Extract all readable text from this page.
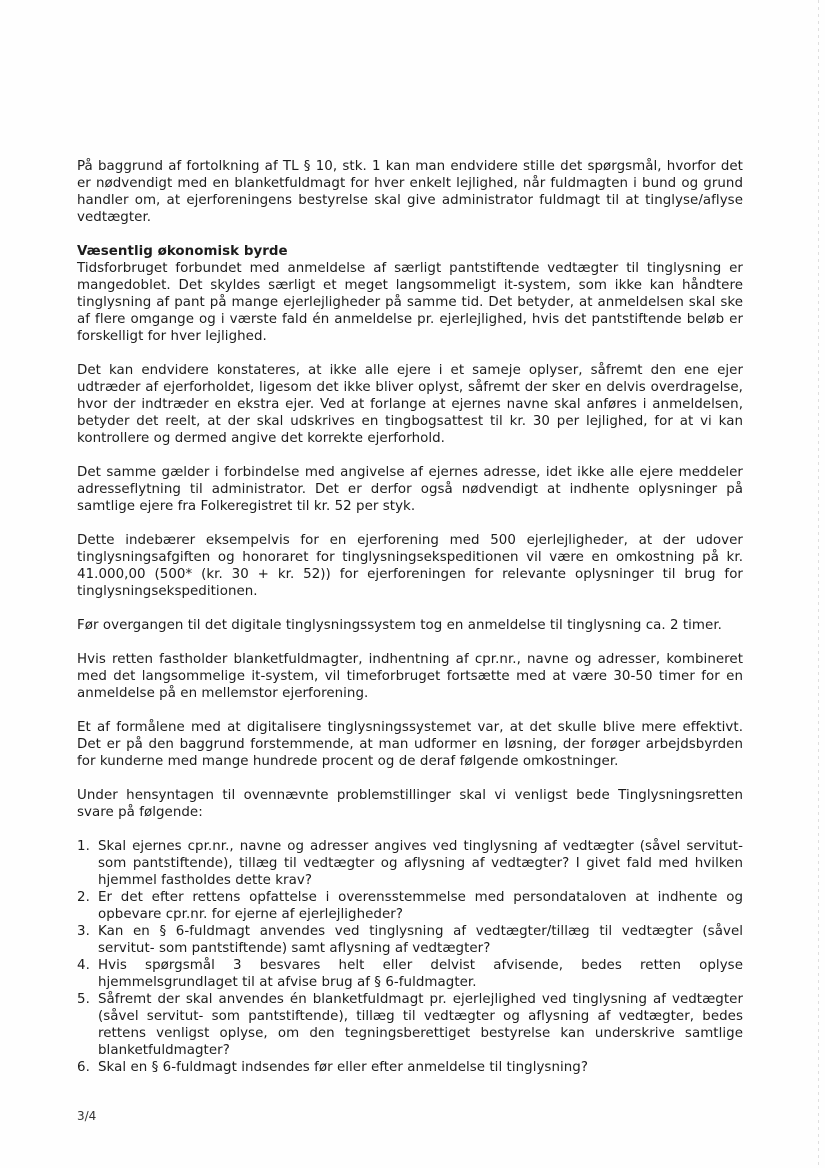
På baggrund af fortolkning af TL § 10, stk. 1 kan man endvidere stille det spørgsmål, hvorfor det er nødvendigt med en blanketfuldmagt for hver enkelt lejlighed, når fuldmagten i bund og grund handler om, at ejerforeningens bestyrelse skal give administrator fuldmagt til at tinglyse/aflyse vedtægter.

Væsentlig økonomisk byrde
Tidsforbruget forbundet med anmeldelse af særligt pantstiftende vedtægter til tinglysning er mangedoblet. Det skyldes særligt et meget langsommeligt it-system, som ikke kan håndtere tinglysning af pant på mange ejerlejligheder på samme tid. Det betyder, at anmeldelsen skal ske af flere omgange og i værste fald én anmeldelse pr. ejerlejlighed, hvis det pantstiftende beløb er forskelligt for hver lejlighed.

Det kan endvidere konstateres, at ikke alle ejere i et sameje oplyser, såfremt den ene ejer udtræder af ejerforholdet, ligesom det ikke bliver oplyst, såfremt der sker en delvis overdragelse, hvor der indtræder en ekstra ejer. Ved at forlange at ejernes navne skal anføres i anmeldelsen, betyder det reelt, at der skal udskrives en tingbogsattest til kr. 30 per lejlighed, for at vi kan kontrollere og dermed angive det korrekte ejerforhold.

Det samme gælder i forbindelse med angivelse af ejernes adresse, idet ikke alle ejere meddeler adresseflytning til administrator. Det er derfor også nødvendigt at indhente oplysninger på samtlige ejere fra Folkeregistret til kr. 52 per styk.

Dette indebærer eksempelvis for en ejerforening med 500 ejerlejligheder, at der udover tinglysningsafgiften og honoraret for tinglysningsekspeditionen vil være en omkostning på kr. 41.000,00 (500* (kr. 30 + kr. 52)) for ejerforeningen for relevante oplysninger til brug for tinglysningsekspeditionen.

Før overgangen til det digitale tinglysningssystem tog en anmeldelse til tinglysning ca. 2 timer.

Hvis retten fastholder blanketfuldmagter, indhentning af cpr.nr., navne og adresser, kombineret med det langsommelige it-system, vil timeforbruget fortsætte med at være 30-50 timer for en anmeldelse på en mellemstor ejerforening.

Et af formålene med at digitalisere tinglysningssystemet var, at det skulle blive mere effektivt. Det er på den baggrund forstemmende, at man udformer en løsning, der forøger arbejdsbyrden for kunderne med mange hundrede procent og de deraf følgende omkostninger.

Under hensyntagen til ovennævnte problemstillinger skal vi venligst bede Tinglysningsretten svare på følgende:

1. Skal ejernes cpr.nr., navne og adresser angives ved tinglysning af vedtægter (såvel servitut- som pantstiftende), tillæg til vedtægter og aflysning af vedtægter? I givet fald med hvilken hjemmel fastholdes dette krav?
2. Er det efter rettens opfattelse i overensstemmelse med persondataloven at indhente og opbevare cpr.nr. for ejerne af ejerlejligheder?
3. Kan en § 6-fuldmagt anvendes ved tinglysning af vedtægter/tillæg til vedtægter (såvel servitut- som pantstiftende) samt aflysning af vedtægter?
4. Hvis spørgsmål 3 besvares helt eller delvist afvisende, bedes retten oplyse hjemmelsgrundlaget til at afvise brug af § 6-fuldmagter.
5. Såfremt der skal anvendes én blanketfuldmagt pr. ejerlejlighed ved tinglysning af vedtægter (såvel servitut- som pantstiftende), tillæg til vedtægter og aflysning af vedtægter, bedes rettens venligst oplyse, om den tegningsberettiget bestyrelse kan underskrive samtlige blanketfuldmagter?
6. Skal en § 6-fuldmagt indsendes før eller efter anmeldelse til tinglysning?
3/4
